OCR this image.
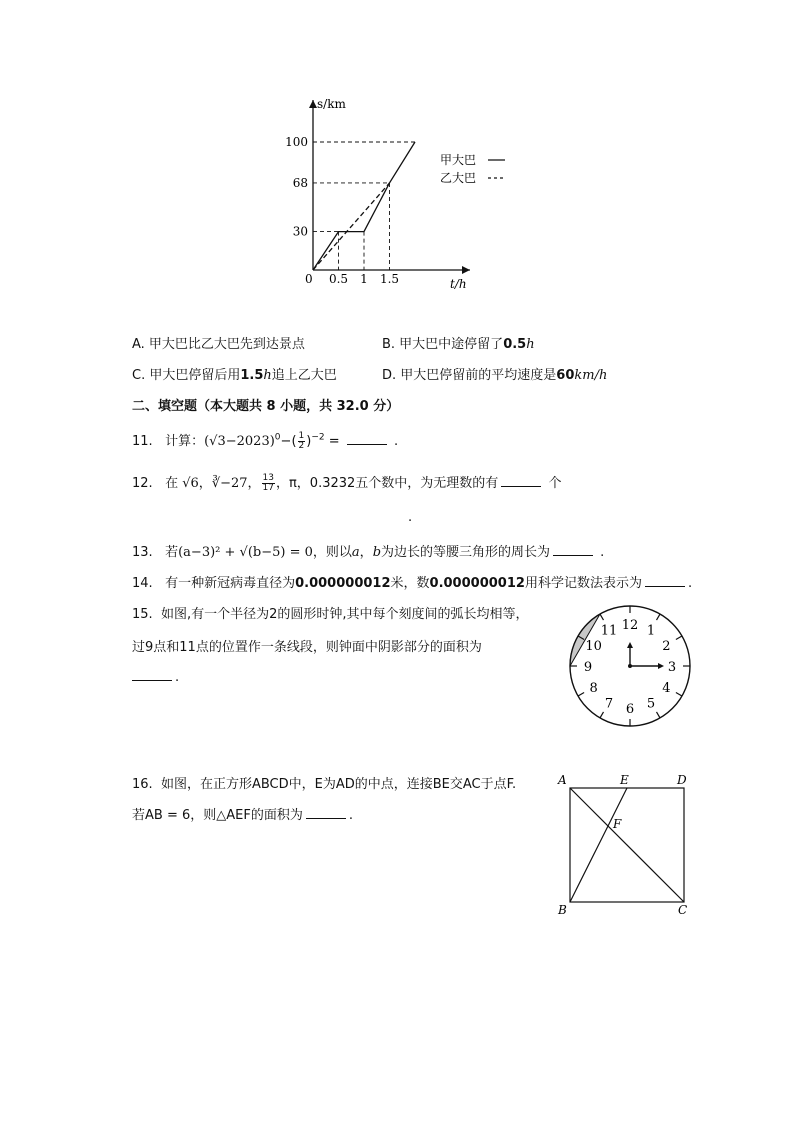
s/km
t/h
0
30
68
100
0.5 1 1.5
甲大巴
乙大巴
A. 甲大巴比乙大巴先到达景点	B. 甲大巴中途停留了0.5h
C. 甲大巴停留后用1.5h追上乙大巴	D. 甲大巴停留前的平均速度是60km/h
二、填空题（本大题共 8 小题，共 32.0 分）
11. 计算：$(√3-2023)^0-( \frac{1}{2} )^{-2}$ =	.
12. 在 √6，∛−27， $\frac{13}{17}$ ，π，0.3232五个数中，为无理数的有	个
.
13. 若(a−3)² + √(b−5) = 0，则以a，b为边长的等腰三角形的周长为	.
14. 有一种新冠病毒直径为0.000000012米，数0.000000012用科学记数法表示为	.
15. 如图,有一个半径为2的圆形时钟,其中每个刻度间的弧长均相等，
过9点和11点的位置作一条线段，则钟面中阴影部分的面积为
.
12 1
2
3
4
5
6
7
8
9
10
11
16. 如图，在正方形ABCD中，E为AD的中点，连接BE交AC于点F.
若AB = 6，则△AEF的面积为	.
A	E	D
F
B	C
